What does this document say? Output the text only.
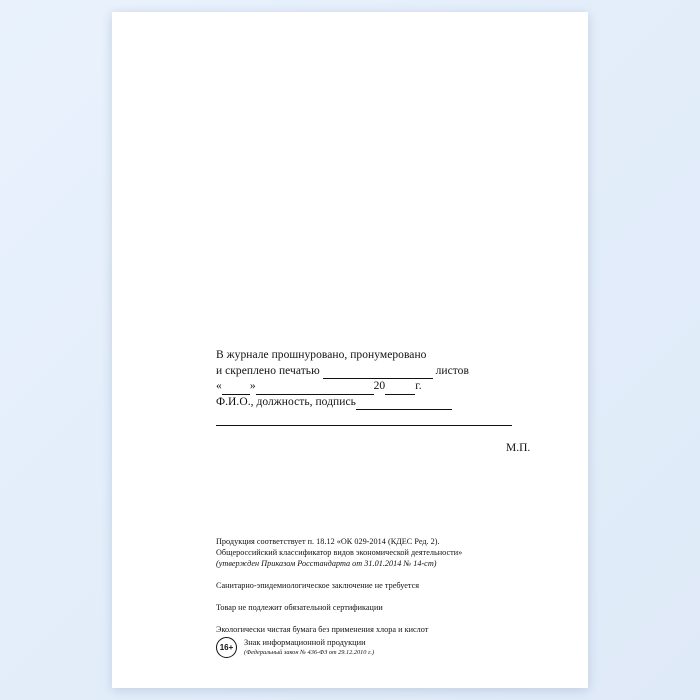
В журнале прошнуровано, пронумеровано
и скреплено печатью	листов
« »	20	г.
Ф.И.О., должность, подпись
М.П.

Продукция соответствует п. 18.12 «ОК 029-2014 (КДЕС Ред. 2).

Общероссийский классификатор видов экономической деятельности»

(утвержден Приказом Росстандарта от 31.01.2014 № 14-ст)

Санитарно-эпидемиологическое заключение не требуется

Товар не подлежит обязательной сертификации

Экологически чистая бумага без применения хлора и кислот

16+
Знак информационной продукции
(Федеральный закон № 436-ФЗ от 29.12.2010 г.)
